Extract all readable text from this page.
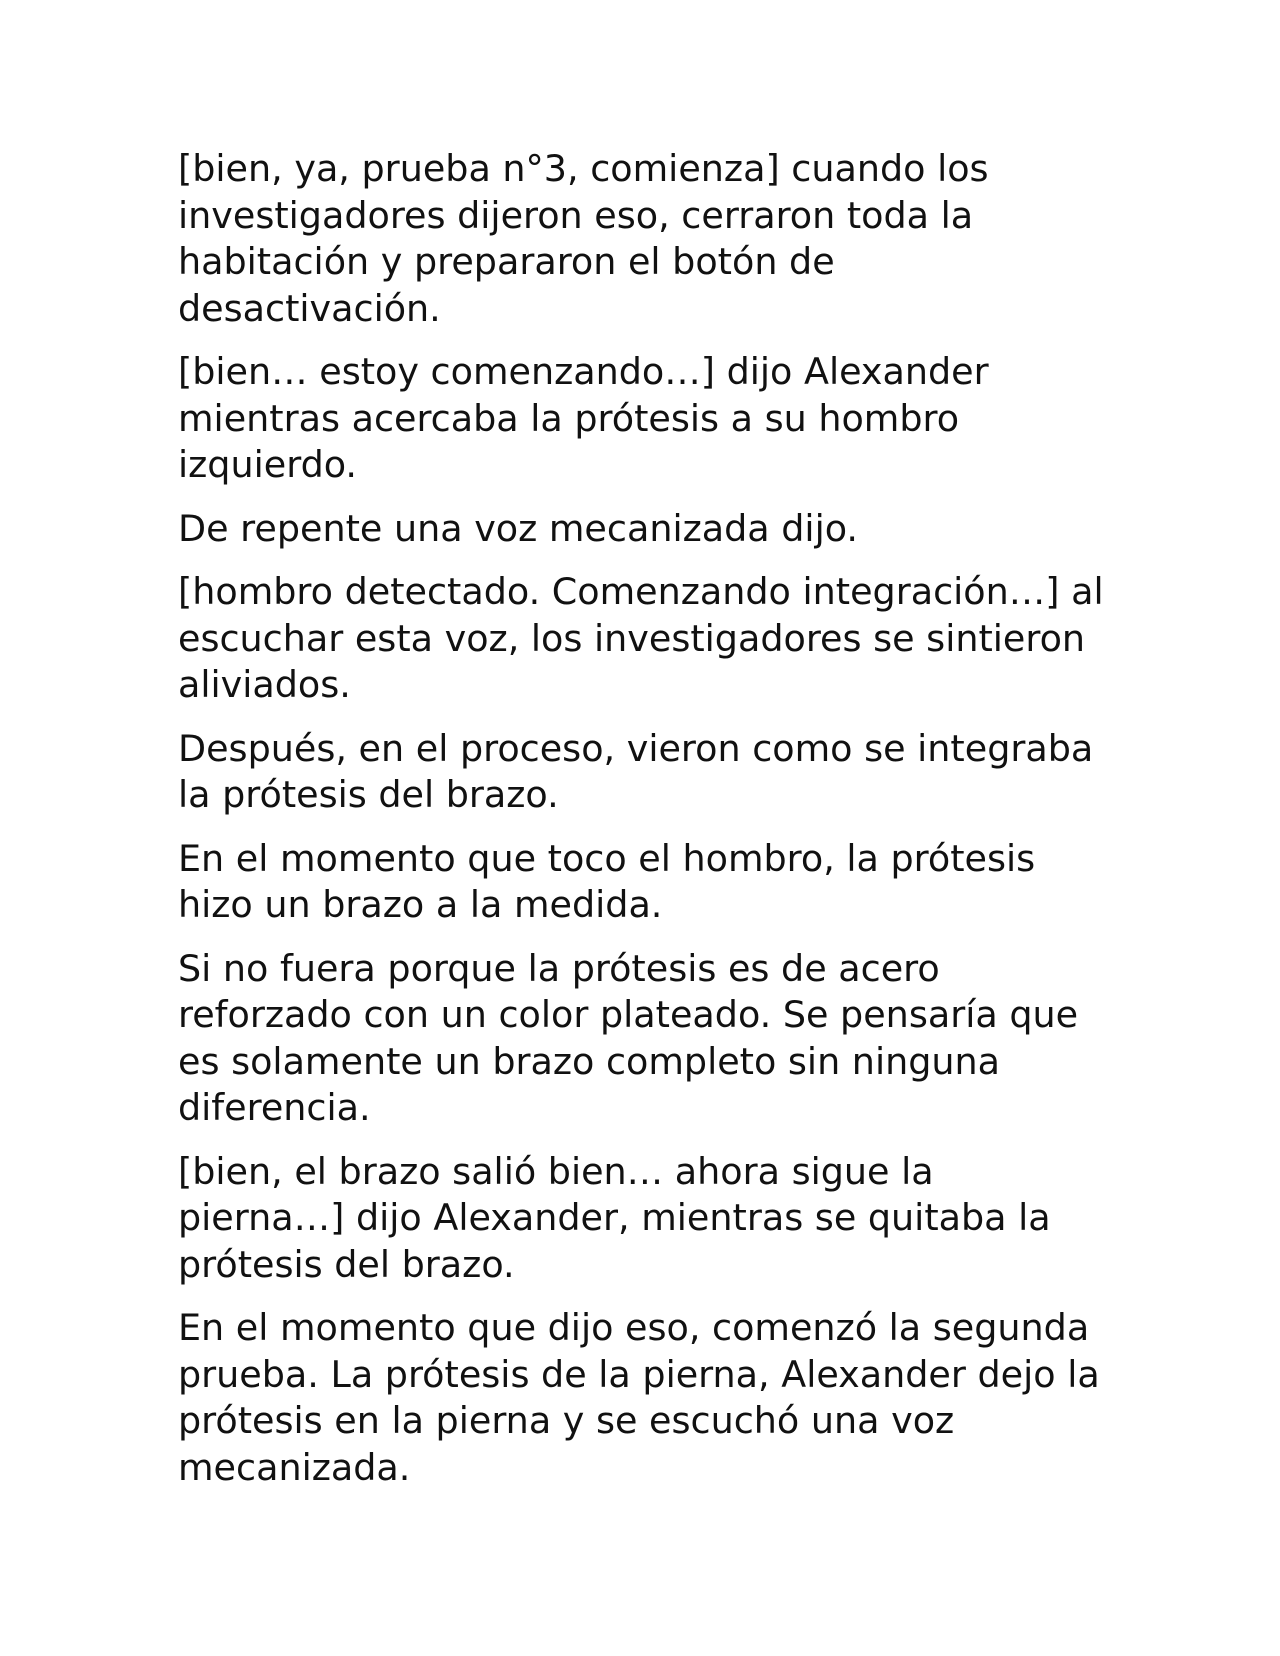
[bien, ya, prueba n°3, comienza] cuando los investigadores dijeron eso, cerraron toda la habitación y prepararon el botón de desactivación.

[bien… estoy comenzando…] dijo Alexander mientras acercaba la prótesis a su hombro izquierdo.

De repente una voz mecanizada dijo.

[hombro detectado. Comenzando integración…] al escuchar esta voz, los investigadores se sintieron aliviados.

Después, en el proceso, vieron como se integraba la prótesis del brazo.

En el momento que toco el hombro, la prótesis hizo un brazo a la medida.

Si no fuera porque la prótesis es de acero reforzado con un color plateado. Se pensaría que es solamente un brazo completo sin ninguna diferencia.

[bien, el brazo salió bien… ahora sigue la pierna…] dijo Alexander, mientras se quitaba la prótesis del brazo.

En el momento que dijo eso, comenzó la segunda prueba. La prótesis de la pierna, Alexander dejo la prótesis en la pierna y se escuchó una voz mecanizada.
